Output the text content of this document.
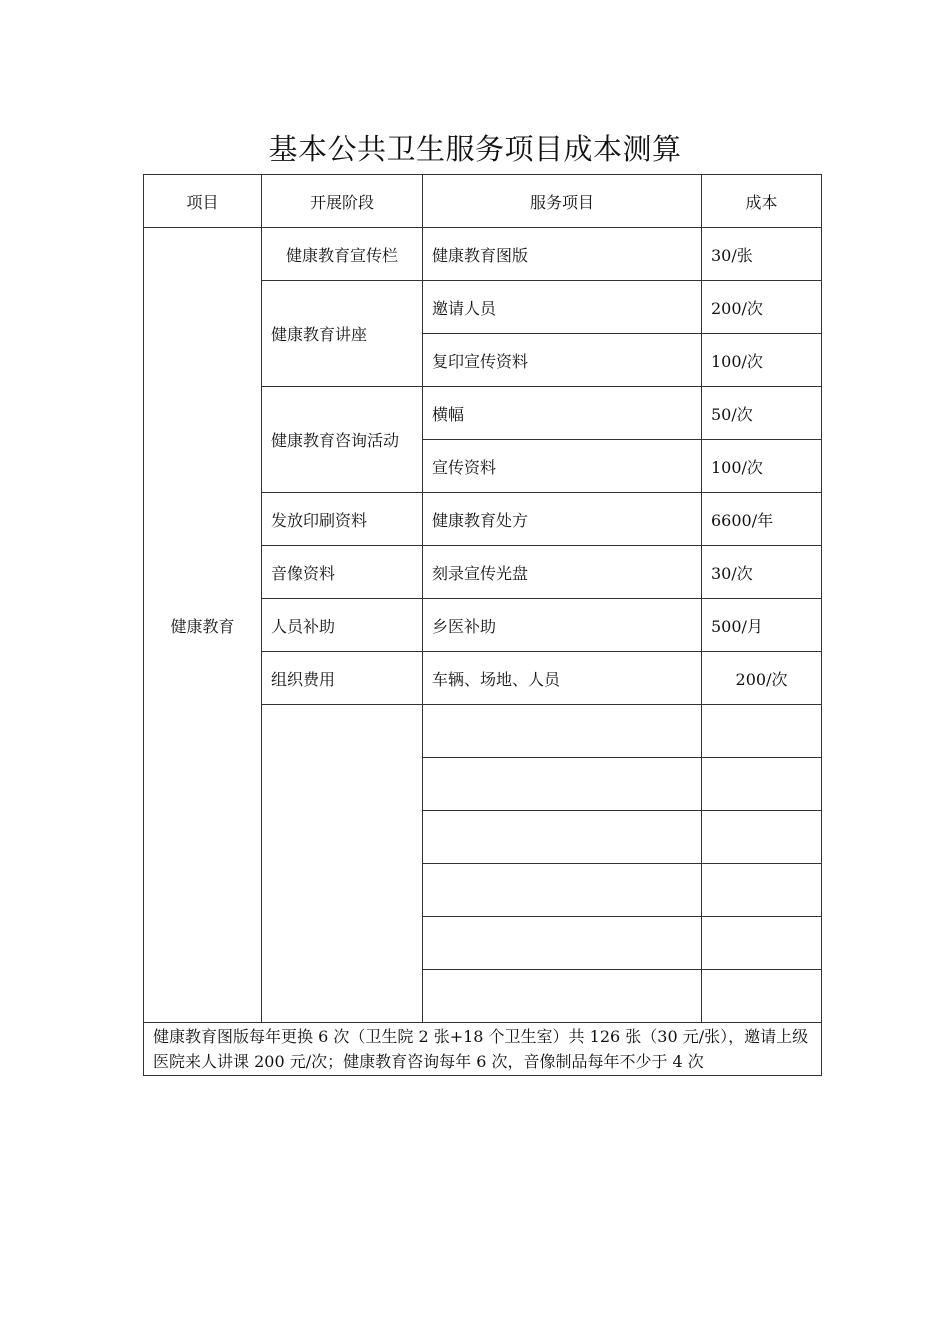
基本公共卫生服务项目成本测算
项目	开展阶段	服务项目	成本
健康教育	健康教育宣传栏	健康教育图版	30/张
	健康教育讲座	邀请人员	200/次
		复印宣传资料	100/次
	健康教育咨询活动	横幅	50/次
		宣传资料	100/次
	发放印刷资料	健康教育处方	6600/年
	音像资料	刻录宣传光盘	30/次
	人员补助	乡医补助	500/月
	组织费用	车辆、场地、人员	200/次

健康教育图版每年更换 6 次（卫生院 2 张+18 个卫生室）共 126 张（30 元/张），邀请上级医院来人讲课 200 元/次；健康教育咨询每年 6 次，音像制品每年不少于 4 次			
